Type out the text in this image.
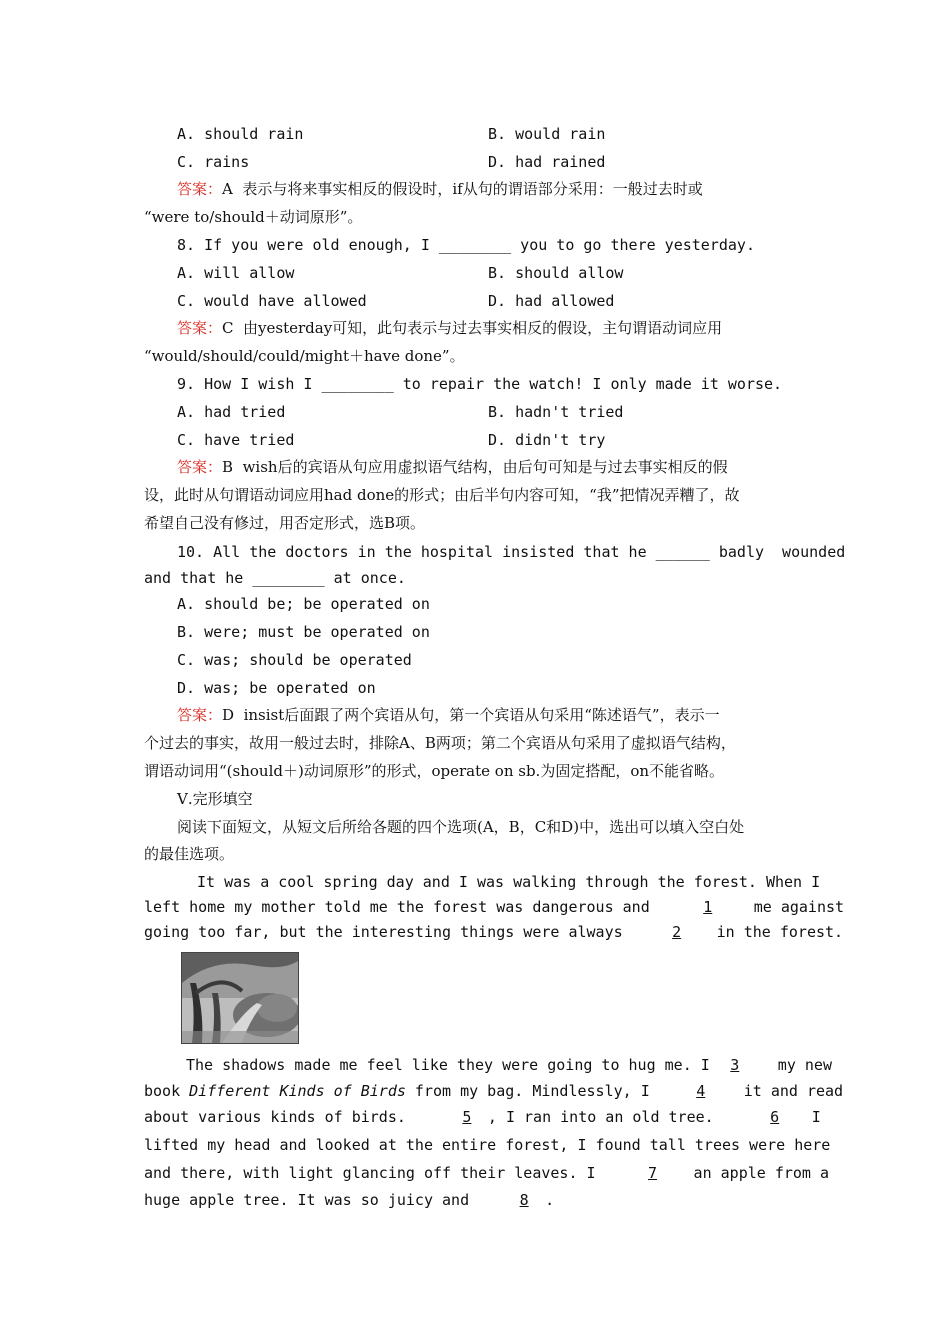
A. should rain	B. would rain
C. rains	D. had rained
答案：A  表示与将来事实相反的假设时，if从句的谓语部分采用：一般过去时或
“were to/should＋动词原形”。
8. If you were old enough, I ________ you to go there yesterday.
A. will allow	B. should allow
C. would have allowed	D. had allowed
答案：C  由yesterday可知，此句表示与过去事实相反的假设，主句谓语动词应用
“would/should/could/might＋have done”。
9. How I wish I ________ to repair the watch! I only made it worse.
A. had tried	B. hadn't tried
C. have tried	D. didn't try
答案：B  wish后的宾语从句应用虚拟语气结构，由后句可知是与过去事实相反的假
设，此时从句谓语动词应用had done的形式；由后半句内容可知，“我”把情况弄糟了，故
希望自己没有修过，用否定形式，选B项。
10. All the doctors in the hospital insisted that he ______ badly  wounded
and that he ________ at once.
A. should be; be operated on
B. were; must be operated on
C. was; should be operated
D. was; be operated on
答案：D  insist后面跟了两个宾语从句，第一个宾语从句采用“陈述语气”，表示一
个过去的事实，故用一般过去时，排除A、B两项；第二个宾语从句采用了虚拟语气结构，
谓语动词用“(should＋)动词原形”的形式，operate on sb.为固定搭配，on不能省略。
Ⅴ.完形填空
阅读下面短文，从短文后所给各题的四个选项(A，B，C和D)中，选出可以填入空白处
的最佳选项。
It was a cool spring day and I was walking through the forest. When I
left home my mother told me the forest was dangerous and	1	me against
going too far, but the interesting things were always	2 in the forest.
The shadows made me feel like they were going to hug me. I 3	my new
book Different Kinds of Birds from my bag. Mindlessly, I	4	it and read
about various kinds of birds.	5 , I ran into an old tree.	6 I
lifted my head and looked at the entire forest, I found tall trees were here
and there, with light glancing off their leaves. I	7 an apple from a
huge apple tree. It was so juicy and	8 .
